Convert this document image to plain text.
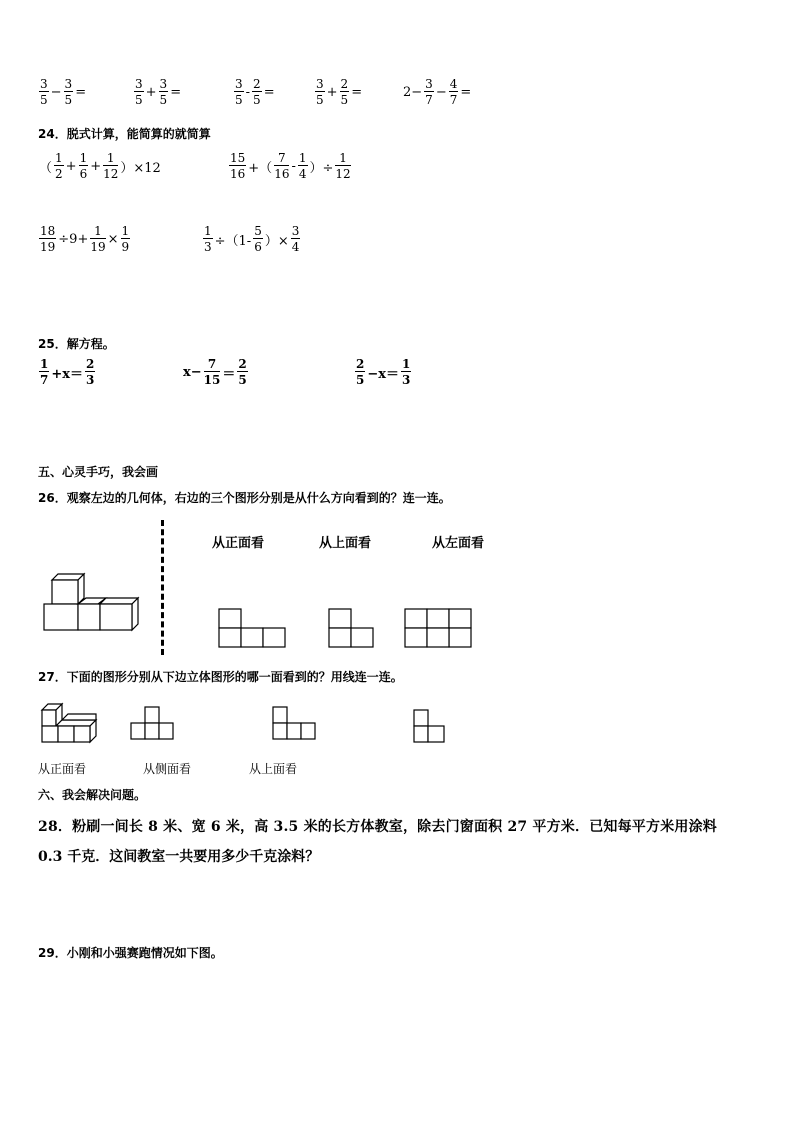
$\frac{3}{5} - \frac{3}{5}$ =	$\frac{3}{5} + \frac{3}{5}$ =	$\frac{3}{5} - \frac{2}{5}$ =	$\frac{3}{5} + \frac{2}{5}$ =	$2- \frac{3}{7} - \frac{4}{7}$ =
24．脱式计算，能简算的就简算
（ $\frac{1}{2} + \frac{1}{6} + \frac{1}{12} )\times 12$	$\frac{15}{16}$ +（ $\frac{7}{16} - \frac{1}{4}$ ）÷ $\frac{1}{12}$
$\frac{18}{19} \div 9+ \frac{1}{19} \times \frac{1}{9}$	$\frac{1}{3} \div(1- \frac{5}{6}$ ）× $\frac{3}{4}$
25．解方程。
$\frac{1}{7} +x= \frac{2}{3}$	$x- \frac{7}{15} = \frac{2}{5}$	$\frac{2}{5} -x= \frac{1}{3}$
五、心灵手巧，我会画
26．观察左边的几何体，右边的三个图形分别是从什么方向看到的？连一连。
从正面看	从上面看	从左面看
27．下面的图形分别从下边立体图形的哪一面看到的？用线连一连。
从正面看	从侧面看	从上面看
六、我会解决问题。
28．粉刷一间长 8 米、宽 6 米，高 3.5 米的长方体教室，除去门窗面积 27 平方米．已知每平方米用涂料
0.3 千克．这间教室一共要用多少千克涂料？
29．小刚和小强赛跑情况如下图。
